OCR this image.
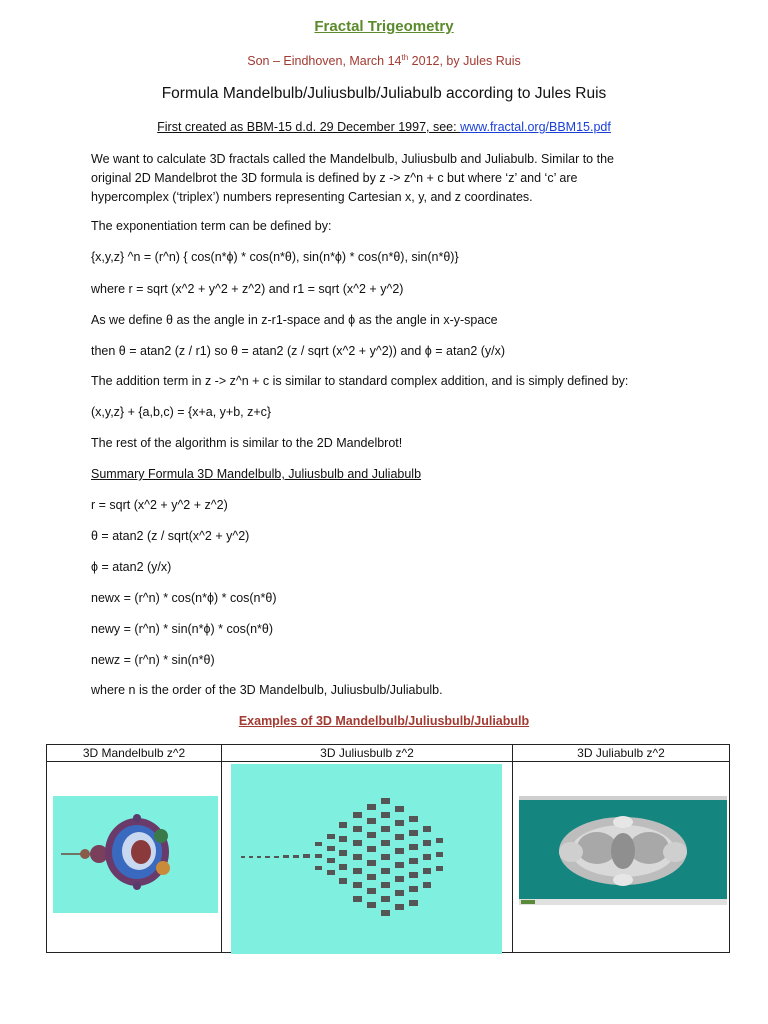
Fractal Trigeometry
Son – Eindhoven, March 14th 2012, by Jules Ruis
Formula Mandelbulb/Juliusbulb/Juliabulb according to Jules Ruis
First created as BBM-15 d.d. 29 December 1997, see: www.fractal.org/BBM15.pdf
We want to calculate 3D fractals called the Mandelbulb, Juliusbulb and Juliabulb. Similar to the
original 2D Mandelbrot the 3D formula is defined by z -> z^n + c but where ‘z’ and ‘c’ are
hypercomplex (‘triplex’) numbers representing Cartesian x, y, and z coordinates.
The exponentiation term can be defined by:
{x,y,z} ^n = (r^n) { cos(n*ϕ) * cos(n*θ), sin(n*ϕ) * cos(n*θ), sin(n*θ)}
where r = sqrt (x^2 + y^2 + z^2) and r1 = sqrt (x^2 + y^2)
As we define θ as the angle in z-r1-space and ϕ as the angle in x-y-space
then θ = atan2 (z / r1) so θ = atan2 (z / sqrt (x^2 + y^2)) and ϕ = atan2 (y/x)
The addition term in z -> z^n + c is similar to standard complex addition, and is simply defined by:
(x,y,z} + {a,b,c) = {x+a, y+b, z+c}
The rest of the algorithm is similar to the 2D Mandelbrot!
Summary Formula 3D Mandelbulb, Juliusbulb and Juliabulb
r = sqrt (x^2 + y^2 + z^2)
θ = atan2 (z / sqrt(x^2 + y^2)
ϕ = atan2 (y/x)
newx = (r^n) * cos(n*ϕ) * cos(n*θ)
newy = (r^n) * sin(n*ϕ) * cos(n*θ)
newz = (r^n) * sin(n*θ)
where n is the order of the 3D Mandelbulb, Juliusbulb/Juliabulb.
Examples of 3D Mandelbulb/Juliusbulb/Juliabulb
3D Mandelbulb z^2	3D Juliusbulb z^2	3D Juliabulb z^2
